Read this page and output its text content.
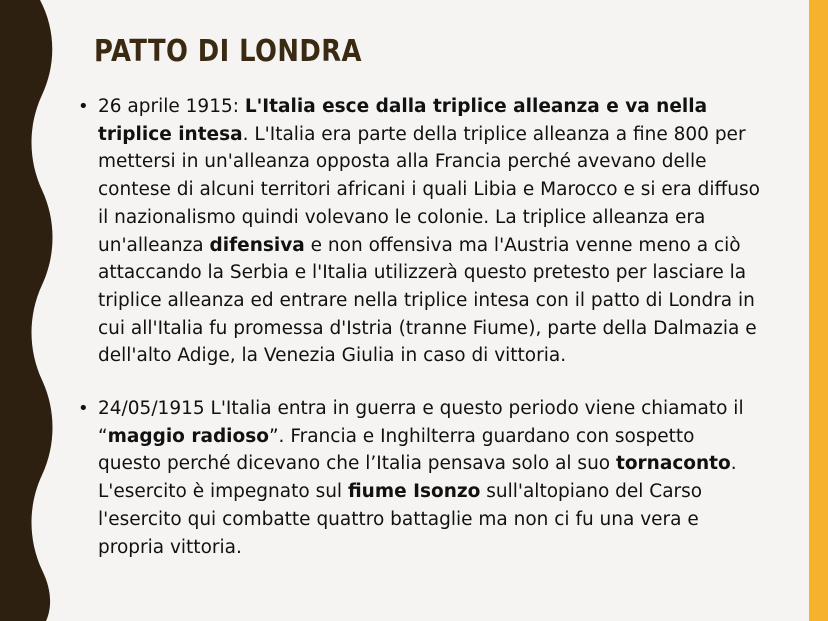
PATTO DI LONDRA
• 26 aprile 1915: L'Italia esce dalla triplice alleanza e va nella triplice intesa. L'Italia era parte della triplice alleanza a fine 800 per mettersi in un'alleanza opposta alla Francia perché avevano delle contese di alcuni territori africani i quali Libia e Marocco e si era diffuso il nazionalismo quindi volevano le colonie. La triplice alleanza era un'alleanza difensiva e non offensiva ma l'Austria venne meno a ciò attaccando la Serbia e l'Italia utilizzerà questo pretesto per lasciare la triplice alleanza ed entrare nella triplice intesa con il patto di Londra in cui all'Italia fu promessa d'Istria (tranne Fiume), parte della Dalmazia e dell'alto Adige, la Venezia Giulia in caso di vittoria.
• 24/05/1915 L'Italia entra in guerra e questo periodo viene chiamato il “maggio radioso”. Francia e Inghilterra guardano con sospetto questo perché dicevano che l’Italia pensava solo al suo tornaconto. L'esercito è impegnato sul fiume Isonzo sull'altopiano del Carso l'esercito qui combatte quattro battaglie ma non ci fu una vera e propria vittoria.
